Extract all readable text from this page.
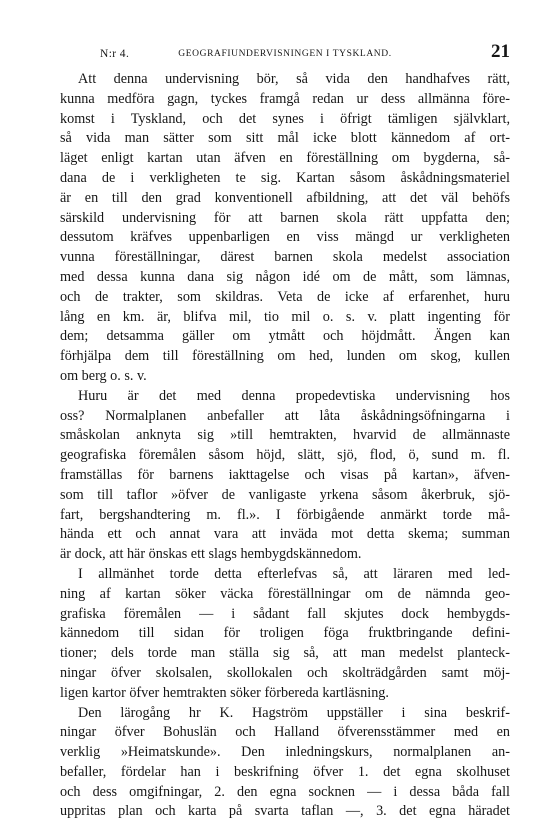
N:r 4.	GEOGRAFIUNDERVISNINGEN I TYSKLAND.	21
Att denna undervisning bör, så vida den handhafves rätt,
kunna medföra gagn, tyckes framgå redan ur dess allmänna före-
komst i Tyskland, och det synes i öfrigt tämligen självklart,
så vida man sätter som sitt mål icke blott kännedom af ort-
läget enligt kartan utan äfven en föreställning om bygderna, så-
dana de i verkligheten te sig. Kartan såsom åskådningsmateriel
är en till den grad konventionell afbildning, att det väl behöfs
särskild undervisning för att barnen skola rätt uppfatta den;
dessutom kräfves uppenbarligen en viss mängd ur verkligheten
vunna föreställningar, därest barnen skola medelst association
med dessa kunna dana sig någon idé om de mått, som lämnas,
och de trakter, som skildras. Veta de icke af erfarenhet, huru
lång en km. är, blifva mil, tio mil o. s. v. platt ingenting för
dem; detsamma gäller om ytmått och höjdmått. Ängen kan
förhjälpa dem till föreställning om hed, lunden om skog, kullen
om berg o. s. v.
Huru är det med denna propedevtiska undervisning hos
oss? Normalplanen anbefaller att låta åskådningsöfningarna i
småskolan anknyta sig »till hemtrakten, hvarvid de allmännaste
geografiska föremålen såsom höjd, slätt, sjö, flod, ö, sund m. fl.
framställas för barnens iakttagelse och visas på kartan», äfven-
som till taflor »öfver de vanligaste yrkena såsom åkerbruk, sjö-
fart, bergshandtering m. fl.». I förbigående anmärkt torde må-
hända ett och annat vara att inväda mot detta skema; summan
är dock, att här önskas ett slags hembygdskännedom.
I allmänhet torde detta efterlefvas så, att läraren med led-
ning af kartan söker väcka föreställningar om de nämnda geo-
grafiska föremålen — i sådant fall skjutes dock hembygds-
kännedom till sidan för troligen föga fruktbringande defini-
tioner; dels torde man ställa sig så, att man medelst planteck-
ningar öfver skolsalen, skollokalen och skolträdgården samt möj-
ligen kartor öfver hemtrakten söker förbereda kartläsning.
Den lärogång hr K. Hagström uppställer i sina beskrif-
ningar öfver Bohuslän och Halland öfverensstämmer med en
verklig »Heimatskunde». Den inledningskurs, normalplanen an-
befaller, fördelar han i beskrifning öfver 1. det egna skolhuset
och dess omgifningar, 2. den egna socknen — i dessa båda fall
uppritas plan och karta på svarta taflan —, 3. det egna häradet
